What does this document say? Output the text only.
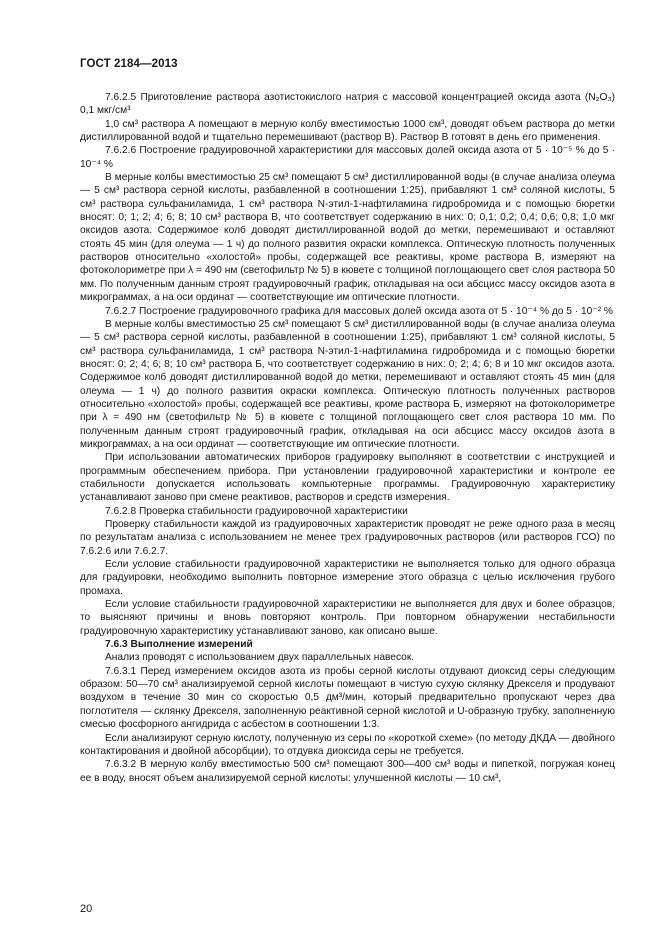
ГОСТ 2184—2013

7.6.2.5 Приготовление раствора азотистокислого натрия с массовой концентрацией оксида азота (N₂O₃) 0,1 мкг/см³

1,0 см³ раствора А помещают в мерную колбу вместимостью 1000 см³, доводят объем раствора до метки дистиллированной водой и тщательно перемешивают (раствор В). Раствор В готовят в день его применения.

7.6.2.6 Построение градуировочной характеристики для массовых долей оксида азота от 5 · 10⁻⁵ % до 5 · 10⁻⁴ %

В мерные колбы вместимостью 25 см³ помещают 5 см³ дистиллированной воды (в случае анализа олеума — 5 см³ раствора серной кислоты, разбавленной в соотношении 1:25), прибавляют 1 см³ соляной кислоты, 5 см³ раствора сульфаниламида, 1 см³ раствора N-этил-1-нафтиламина гидробромида и с помощью бюретки вносят: 0; 1; 2; 4; 6; 8; 10 см³ раствора В, что соответствует содержанию в них: 0; 0,1; 0,2; 0,4; 0,6; 0,8; 1,0 мкг оксидов азота. Содержимое колб доводят дистиллированной водой до метки, перемешивают и оставляют стоять 45 мин (для олеума — 1 ч) до полного развития окраски комплекса. Оптическую плотность полученных растворов относительно «холостой» пробы, содержащей все реактивы, кроме раствора В, измеряют на фотоколориметре при λ = 490 нм (светофильтр № 5) в кювете с толщиной поглощающего свет слоя раствора 50 мм. По полученным данным строят градуировочный график, откладывая на оси абсцисс массу оксидов азота в микрограммах, а на оси ординат — соответствующие им оптические плотности.

7.6.2.7 Построение градуировочного графика для массовых долей оксида азота от 5 · 10⁻⁴ % до 5 · 10⁻² %

В мерные колбы вместимостью 25 см³ помещают 5 см³ дистиллированной воды (в случае анализа олеума — 5 см³ раствора серной кислоты, разбавленной в соотношении 1:25), прибавляют 1 см³ соляной кислоты, 5 см³ раствора сульфаниламида, 1 см³ раствора N-этил-1-нафтиламина гидробромида и с помощью бюретки вносят: 0; 2; 4; 6; 8; 10 см³ раствора Б, что соответствует содержанию в них: 0; 2; 4; 6; 8 и 10 мкг оксидов азота. Содержимое колб доводят дистиллированной водой до метки, перемешивают и оставляют стоять 45 мин (для олеума — 1 ч) до полного развития окраски комплекса. Оптическую плотность полученных растворов относительно «холостой» пробы, содержащей все реактивы, кроме раствора Б, измеряют на фотоколориметре при λ = 490 нм (светофильтр № 5) в кювете с толщиной поглощающего свет слоя раствора 10 мм. По полученным данным строят градуировочный график, откладывая на оси абсцисс массу оксидов азота в микрограммах, а на оси ординат — соответствующие им оптические плотности.

При использовании автоматических приборов градуировку выполняют в соответствии с инструкцией и программным обеспечением прибора. При установлении градуировочной характеристики и контроле ее стабильности допускается использовать компьютерные программы. Градуировочную характеристику устанавливают заново при смене реактивов, растворов и средств измерения.

7.6.2.8 Проверка стабильности градуировочной характеристики

Проверку стабильности каждой из градуировочных характеристик проводят не реже одного раза в месяц по результатам анализа с использованием не менее трех градуировочных растворов (или растворов ГСО) по 7.6.2.6 или 7.6.2.7.

Если условие стабильности градуировочной характеристики не выполняется только для одного образца для градуировки, необходимо выполнить повторное измерение этого образца с целью исключения грубого промаха.

Если условие стабильности градуировочной характеристики не выполняется для двух и более образцов, то выясняют причины и вновь повторяют контроль. При повторном обнаружении нестабильности градуировочную характеристику устанавливают заново, как описано выше.

7.6.3 Выполнение измерений

Анализ проводят с использованием двух параллельных навесок.

7.6.3.1 Перед измерением оксидов азота из пробы серной кислоты отдувают диоксид серы следующим образом: 50—70 см³ анализируемой серной кислоты помещают в чистую сухую склянку Дрекселя и продувают воздухом в течение 30 мин со скоростью 0,5 дм³/мин, который предварительно пропускают через два поглотителя — склянку Дрекселя, заполненную реактивной серной кислотой и U-образную трубку, заполненную смесью фосфорного ангидрида с асбестом в соотношении 1:3.

Если анализируют серную кислоту, полученную из серы по «короткой схеме» (по методу ДКДА — двойного контактирования и двойной абсорбции), то отдувка диоксида серы не требуется.

7.6.3.2 В мерную колбу вместимостью 500 см³ помещают 300—400 см³ воды и пипеткой, погружая конец ее в воду, вносят объем анализируемой серной кислоты: улучшенной кислоты — 10 см³,

20
